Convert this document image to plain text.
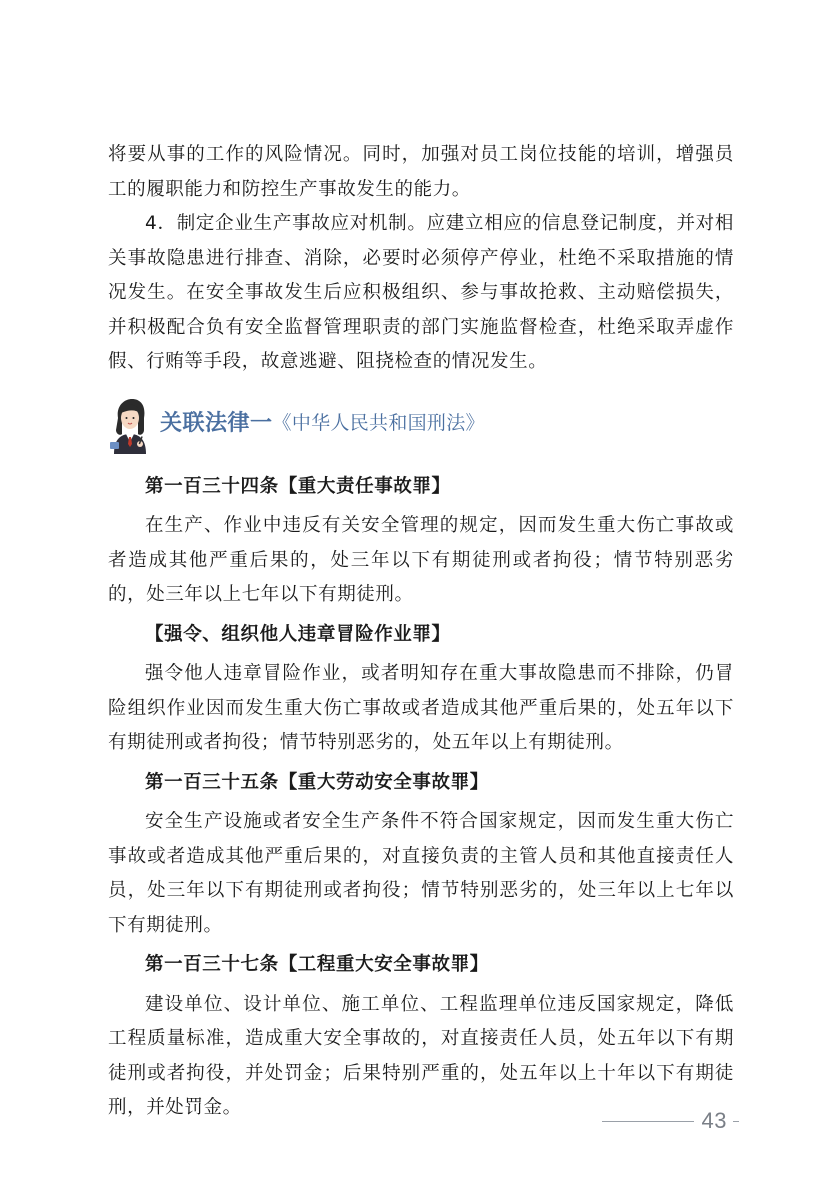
将要从事的工作的风险情况。同时，加强对员工岗位技能的培训，增强员工的履职能力和防控生产事故发生的能力。

4．制定企业生产事故应对机制。应建立相应的信息登记制度，并对相关事故隐患进行排查、消除，必要时必须停产停业，杜绝不采取措施的情况发生。在安全事故发生后应积极组织、参与事故抢救、主动赔偿损失，并积极配合负有安全监督管理职责的部门实施监督检查，杜绝采取弄虚作假、行贿等手段，故意逃避、阻挠检查的情况发生。

关联法律一 《中华人民共和国刑法》

第一百三十四条【重大责任事故罪】

在生产、作业中违反有关安全管理的规定，因而发生重大伤亡事故或者造成其他严重后果的，处三年以下有期徒刑或者拘役；情节特别恶劣的，处三年以上七年以下有期徒刑。

【强令、组织他人违章冒险作业罪】

强令他人违章冒险作业，或者明知存在重大事故隐患而不排除，仍冒险组织作业因而发生重大伤亡事故或者造成其他严重后果的，处五年以下有期徒刑或者拘役；情节特别恶劣的，处五年以上有期徒刑。

第一百三十五条【重大劳动安全事故罪】

安全生产设施或者安全生产条件不符合国家规定，因而发生重大伤亡事故或者造成其他严重后果的，对直接负责的主管人员和其他直接责任人员，处三年以下有期徒刑或者拘役；情节特别恶劣的，处三年以上七年以下有期徒刑。

第一百三十七条【工程重大安全事故罪】

建设单位、设计单位、施工单位、工程监理单位违反国家规定，降低工程质量标准，造成重大安全事故的，对直接责任人员，处五年以下有期徒刑或者拘役，并处罚金；后果特别严重的，处五年以上十年以下有期徒刑，并处罚金。

43
